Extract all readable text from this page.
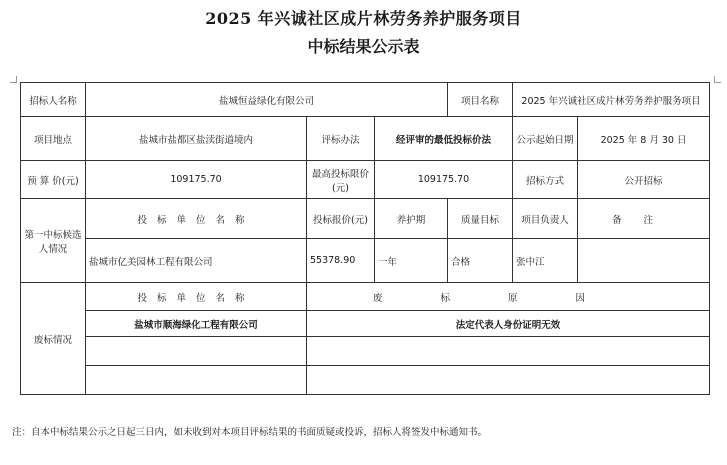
2025 年兴诚社区成片林劳务养护服务项目
中标结果公示表
招标人名称	盐城恒益绿化有限公司			项目名称	2025 年兴诚社区成片林劳务养护服务项目	
项目地点	盐城市盐都区盐渎街道境内	评标办法	经评审的最低投标价法		公示起始日期	2025 年 8 月 30 日
预 算 价(元)	109175.70	最高投标限价(元)	109175.70		招标方式	公开招标
第一中标候选人情况	投标单位名称	投标报价(元)	养护期	质量目标	项目负责人	备注
	盐城市亿美园林工程有限公司	55378.90	一年	合格	张中江	
废标情况	投标单位名称	废标原因				
	盐城市顺海绿化工程有限公司	法定代表人身份证明无效				

注：自本中标结果公示之日起三日内，如未收到对本项目评标结果的书面质疑或投诉，招标人将签发中标通知书。
